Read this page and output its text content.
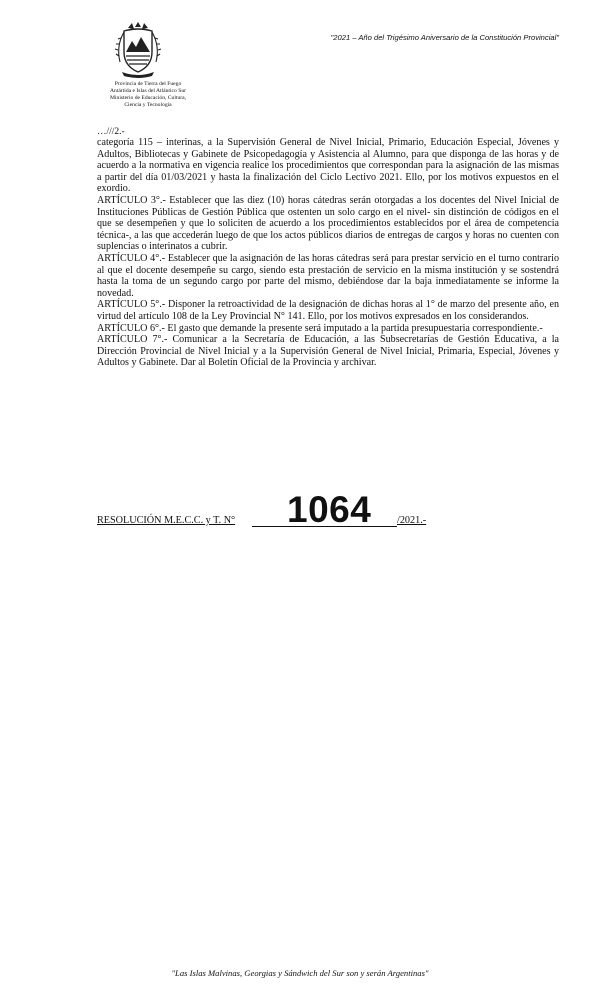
Provincia de Tierra del Fuego
Antártida e Islas del Atlántico Sur
Ministerio de Educación, Cultura,
Ciencia y Tecnología
"2021 – Año del Trigésimo Aniversario de la Constitución Provincial"
…///2.-

categoría 115 – interinas, a la Supervisión General de Nivel Inicial, Primario, Educación Especial, Jóvenes y Adultos, Bibliotecas y Gabinete de Psicopedagogía y Asistencia al Alumno, para que disponga de las horas y de acuerdo a la normativa en vigencia realice los procedimientos que correspondan para la asignación de las mismas a partir del día 01/03/2021 y hasta la finalización del Ciclo Lectivo 2021. Ello, por los motivos expuestos en el exordio.

ARTÍCULO 3°.- Establecer que las diez (10) horas cátedras serán otorgadas a los docentes del Nivel Inicial de Instituciones Públicas de Gestión Pública que ostenten un solo cargo en el nivel- sin distinción de códigos en el que se desempeñen y que lo soliciten de acuerdo a los procedimientos establecidos por el área de competencia técnica-, a las que accederán luego de que los actos públicos diarios de entregas de cargos y horas no cuenten con suplencias o interinatos a cubrir.

ARTÍCULO 4°.- Establecer que la asignación de las horas cátedras será para prestar servicio en el turno contrario al que el docente desempeñe su cargo, siendo esta prestación de servicio en la misma institución y se sostendrá hasta la toma de un segundo cargo por parte del mismo, debiéndose dar la baja inmediatamente se informe la novedad.

ARTÍCULO 5°.- Disponer la retroactividad de la designación de dichas horas al 1° de marzo del presente año, en virtud del artículo 108 de la Ley Provincial N° 141. Ello, por los motivos expresados en los considerandos.

ARTÍCULO 6°.- El gasto que demande la presente será imputado a la partida presupuestaria correspondiente.-

ARTÍCULO 7°.- Comunicar a la Secretaría de Educación, a las Subsecretarías de Gestión Educativa, a la Dirección Provincial de Nivel Inicial y a la Supervisión General de Nivel Inicial, Primaria, Especial, Jóvenes y Adultos y Gabinete. Dar al Boletín Oficial de la Provincia y archivar.

RESOLUCIÓN M.E.C.C. y T. N° 1064	/2021.-
"Las Islas Malvinas, Georgias y Sándwich del Sur son y serán Argentinas"
